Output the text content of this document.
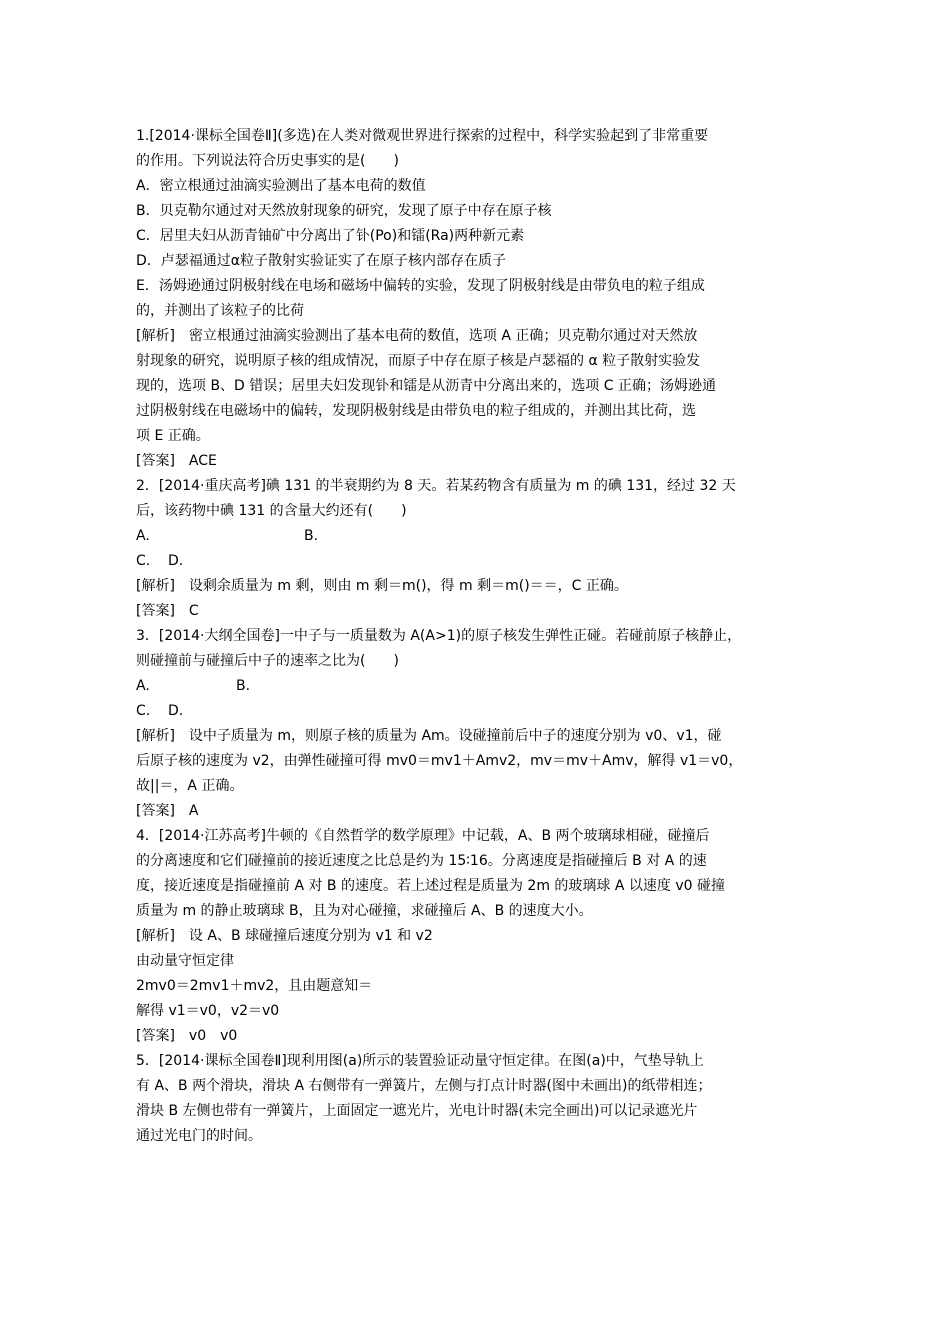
1.[2014·课标全国卷Ⅱ](多选)在人类对微观世界进行探索的过程中，科学实验起到了非常重要
的作用。下列说法符合历史事实的是(　　)
A．密立根通过油滴实验测出了基本电荷的数值
B．贝克勒尔通过对天然放射现象的研究，发现了原子中存在原子核
C．居里夫妇从沥青铀矿中分离出了钋(Po)和镭(Ra)两种新元素
D．卢瑟福通过α粒子散射实验证实了在原子核内部存在质子
E．汤姆逊通过阴极射线在电场和磁场中偏转的实验，发现了阴极射线是由带负电的粒子组成
的，并测出了该粒子的比荷
[解析]　密立根通过油滴实验测出了基本电荷的数值，选项 A 正确；贝克勒尔通过对天然放
射现象的研究，说明原子核的组成情况，而原子中存在原子核是卢瑟福的 α 粒子散射实验发
现的，选项 B、D 错误；居里夫妇发现钋和镭是从沥青中分离出来的，选项 C 正确；汤姆逊通
过阴极射线在电磁场中的偏转，发现阴极射线是由带负电的粒子组成的，并测出其比荷，选
项 E 正确。
[答案]　ACE
2．[2014·重庆高考]碘 131 的半衰期约为 8 天。若某药物含有质量为 m 的碘 131，经过 32 天
后，该药物中碘 131 的含量大约还有(　　)
A.	B.
C.	D.
[解析]　设剩余质量为 m 剩，则由 m 剩＝m()，得 m 剩＝m()＝＝，C 正确。
[答案]　C
3．[2014·大纲全国卷]一中子与一质量数为 A(A>1)的原子核发生弹性正碰。若碰前原子核静止，
则碰撞前与碰撞后中子的速率之比为(　　)
A.	B.
C.	D.
[解析]　设中子质量为 m，则原子核的质量为 Am。设碰撞前后中子的速度分别为 v0、v1，碰
后原子核的速度为 v2，由弹性碰撞可得 mv0＝mv1＋Amv2，mv＝mv＋Amv，解得 v1＝v0，
故||＝，A 正确。
[答案]　A
4．[2014·江苏高考]牛顿的《自然哲学的数学原理》中记载，A、B 两个玻璃球相碰，碰撞后
的分离速度和它们碰撞前的接近速度之比总是约为 15∶16。分离速度是指碰撞后 B 对 A 的速
度，接近速度是指碰撞前 A 对 B 的速度。若上述过程是质量为 2m 的玻璃球 A 以速度 v0 碰撞
质量为 m 的静止玻璃球 B，且为对心碰撞，求碰撞后 A、B 的速度大小。
[解析]　设 A、B 球碰撞后速度分别为 v1 和 v2
由动量守恒定律
2mv0＝2mv1＋mv2，且由题意知＝
解得 v1＝v0，v2＝v0
[答案]　v0　v0
5．[2014·课标全国卷Ⅱ]现利用图(a)所示的装置验证动量守恒定律。在图(a)中，气垫导轨上
有 A、B 两个滑块，滑块 A 右侧带有一弹簧片，左侧与打点计时器(图中未画出)的纸带相连；
滑块 B 左侧也带有一弹簧片，上面固定一遮光片，光电计时器(未完全画出)可以记录遮光片
通过光电门的时间。
